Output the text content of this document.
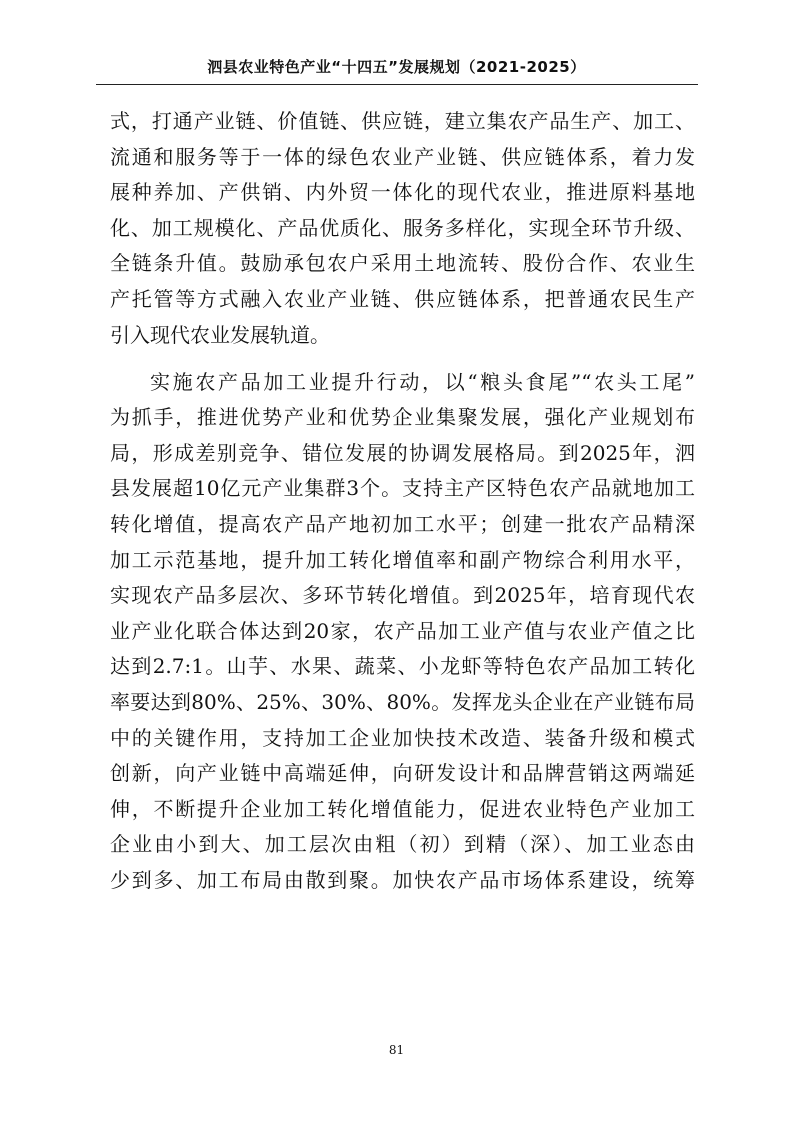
泗县农业特色产业“十四五”发展规划（2021-2025）
式，打通产业链、价值链、供应链，建立集农产品生产、加工、
流通和服务等于一体的绿色农业产业链、供应链体系，着力发
展种养加、产供销、内外贸一体化的现代农业，推进原料基地
化、加工规模化、产品优质化、服务多样化，实现全环节升级、
全链条升值。鼓励承包农户采用土地流转、股份合作、农业生
产托管等方式融入农业产业链、供应链体系，把普通农民生产
引入现代农业发展轨道。
实施农产品加工业提升行动，以“粮头食尾”“农头工尾”
为抓手，推进优势产业和优势企业集聚发展，强化产业规划布
局，形成差别竞争、错位发展的协调发展格局。到2025年，泗
县发展超10亿元产业集群3个。支持主产区特色农产品就地加工
转化增值，提高农产品产地初加工水平；创建一批农产品精深
加工示范基地，提升加工转化增值率和副产物综合利用水平，
实现农产品多层次、多环节转化增值。到2025年，培育现代农
业产业化联合体达到20家，农产品加工业产值与农业产值之比
达到2.7:1。山芋、水果、蔬菜、小龙虾等特色农产品加工转化
率要达到80%、25%、30%、80%。发挥龙头企业在产业链布局
中的关键作用，支持加工企业加快技术改造、装备升级和模式
创新，向产业链中高端延伸，向研发设计和品牌营销这两端延
伸，不断提升企业加工转化增值能力，促进农业特色产业加工
企业由小到大、加工层次由粗（初）到精（深）、加工业态由
少到多、加工布局由散到聚。加快农产品市场体系建设，统筹
81
